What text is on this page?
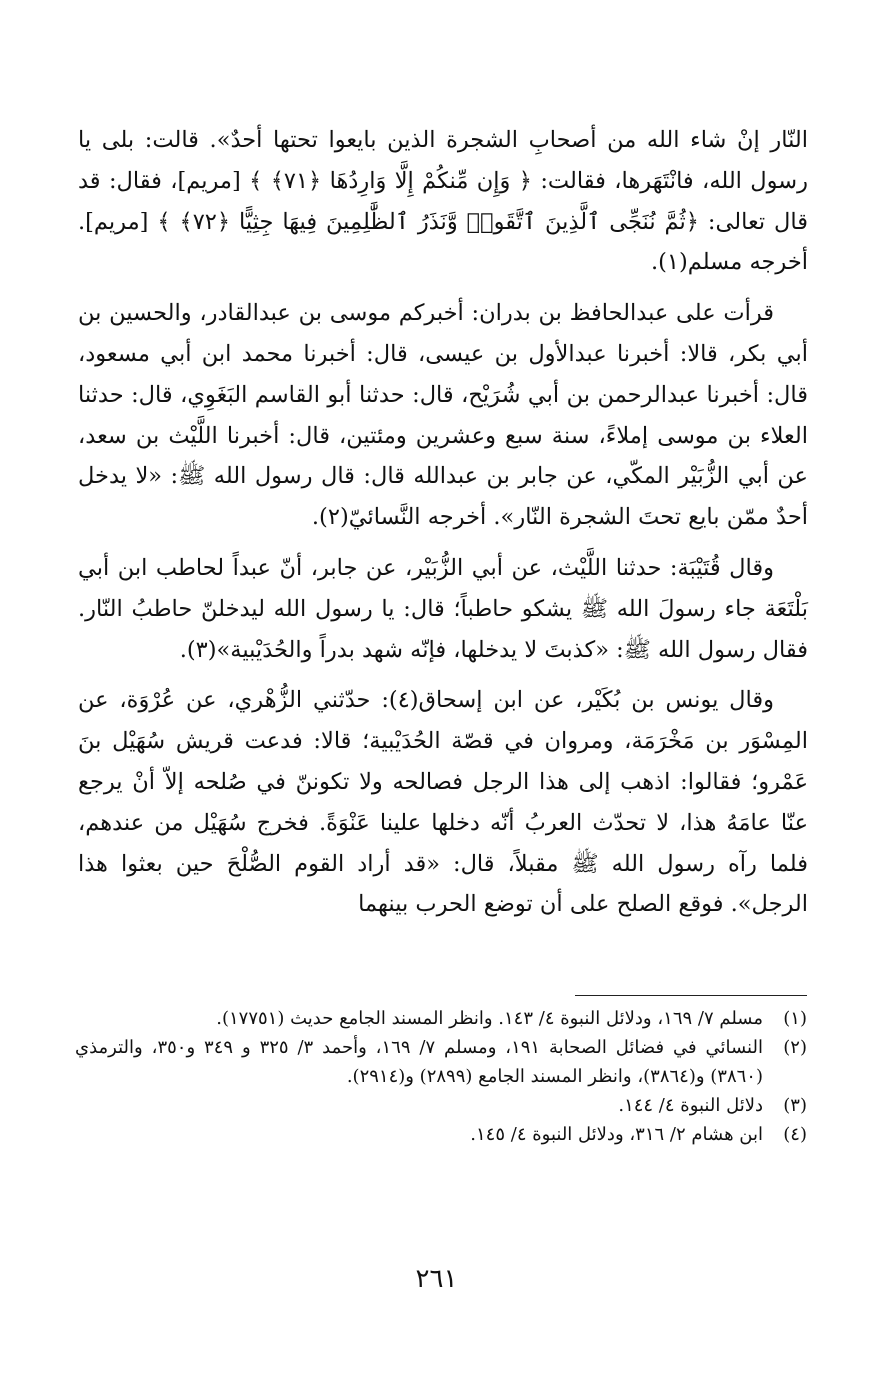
النّار إنْ شاء الله من أصحابِ الشجرة الذين بايعوا تحتها أحدٌ». قالت: بلى يا رسول الله، فانْتَهَرها، فقالت: ﴿ وَإِن مِّنكُمْ إِلَّا وَارِدُهَا ﴿٧١﴾ ﴾ [مريم]، فقال: قد قال تعالى: ﴿ثُمَّ نُنَجِّى ٱلَّذِينَ ٱتَّقَوا۟ وَّنَذَرُ ٱلظَّٰلِمِينَ فِيهَا جِثِيًّا ﴿٧٢﴾ ﴾ [مريم]. أخرجه مسلم(١).

قرأت على عبدالحافظ بن بدران: أخبركم موسى بن عبدالقادر، والحسين بن أبي بكر، قالا: أخبرنا عبدالأول بن عيسى، قال: أخبرنا محمد ابن أبي مسعود، قال: أخبرنا عبدالرحمن بن أبي شُرَيْح، قال: حدثنا أبو القاسم البَغَوِي، قال: حدثنا العلاء بن موسى إملاءً، سنة سبع وعشرين ومئتين، قال: أخبرنا اللَّيْث بن سعد، عن أبي الزُّبَيْر المكّي، عن جابر بن عبدالله قال: قال رسول الله ﷺ: «لا يدخل أحدٌ ممّن بايع تحتَ الشجرة النّار». أخرجه النَّسائيّ(٢).

وقال قُتَيْبَة: حدثنا اللَّيْث، عن أبي الزُّبَيْر، عن جابر، أنّ عبداً لحاطب ابن أبي بَلْتَعَة جاء رسولَ الله ﷺ يشكو حاطباً؛ قال: يا رسول الله ليدخلنّ حاطبُ النّار. فقال رسول الله ﷺ: «كذبتَ لا يدخلها، فإنّه شهد بدراً والحُدَيْبية»(٣).

وقال يونس بن بُكَيْر، عن ابن إسحاق(٤): حدّثني الزُّهْري، عن عُرْوَة، عن المِسْوَر بن مَخْرَمَة، ومروان في قصّة الحُدَيْبية؛ قالا: فدعت قريش سُهَيْل بنَ عَمْرو؛ فقالوا: اذهب إلى هذا الرجل فصالحه ولا تكوننّ في صُلحه إلاّ أنْ يرجع عنّا عامَهُ هذا، لا تحدّث العربُ أنّه دخلها علينا عَنْوَةً. فخرج سُهَيْل من عندهم، فلما رآه رسول الله ﷺ مقبلاً، قال: «قد أراد القوم الصُّلْحَ حين بعثوا هذا الرجل». فوقع الصلح على أن توضع الحرب بينهما

(١)
مسلم ٧/ ١٦٩، ودلائل النبوة ٤/ ١٤٣. وانظر المسند الجامع حديث (١٧٧٥١).
(٢)
النسائي في فضائل الصحابة ١٩١، ومسلم ٧/ ١٦٩، وأحمد ٣/ ٣٢٥ و ٣٤٩ و٣٥٠، والترمذي (٣٨٦٠) و(٣٨٦٤)، وانظر المسند الجامع (٢٨٩٩) و(٢٩١٤).
(٣)
دلائل النبوة ٤/ ١٤٤.
(٤)
ابن هشام ٢/ ٣١٦، ودلائل النبوة ٤/ ١٤٥.
٢٦١
